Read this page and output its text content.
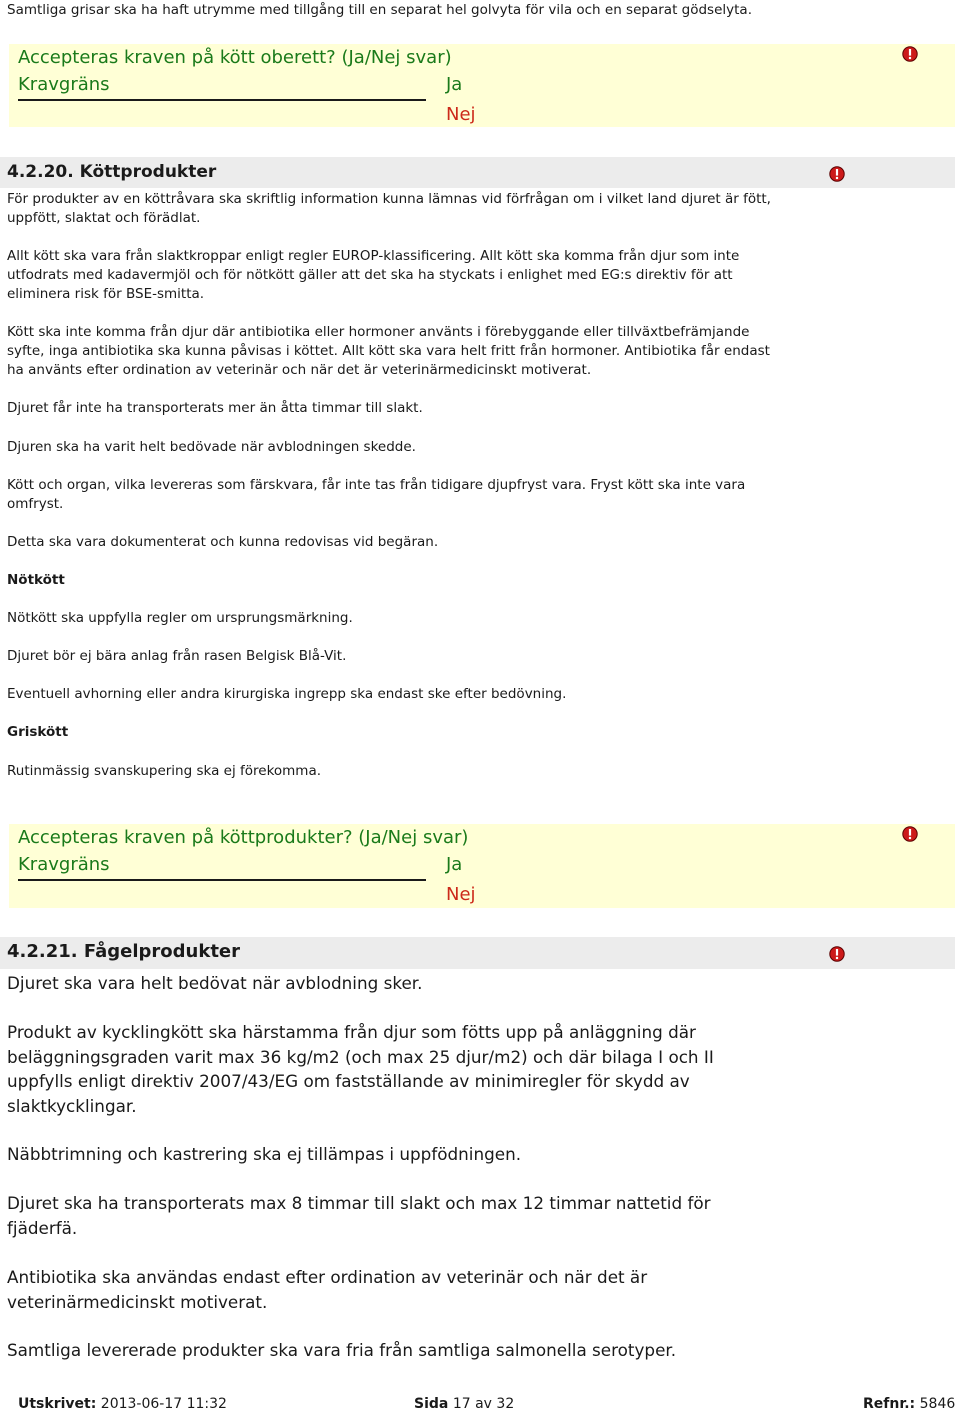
Samtliga grisar ska ha haft utrymme med tillgång till en separat hel golvyta för vila och en separat gödselyta.

Accepteras kraven på kött oberett? (Ja/Nej svar)
Kravgräns	Ja
Nej
4.2.20. Köttprodukter

För produkter av en köttråvara ska skriftlig information kunna lämnas vid förfrågan om i vilket land djuret är fött, uppfött, slaktat och förädlat.

Allt kött ska vara från slaktkroppar enligt regler EUROP-klassificering. Allt kött ska komma från djur som inte utfodrats med kadavermjöl och för nötkött gäller att det ska ha styckats i enlighet med EG:s direktiv för att eliminera risk för BSE-smitta.

Kött ska inte komma från djur där antibiotika eller hormoner använts i förebyggande eller tillväxtbefrämjande syfte, inga antibiotika ska kunna påvisas i köttet. Allt kött ska vara helt fritt från hormoner. Antibiotika får endast ha använts efter ordination av veterinär och när det är veterinärmedicinskt motiverat.

Djuret får inte ha transporterats mer än åtta timmar till slakt.

Djuren ska ha varit helt bedövade när avblodningen skedde.

Kött och organ, vilka levereras som färskvara, får inte tas från tidigare djupfryst vara. Fryst kött ska inte vara omfryst.

Detta ska vara dokumenterat och kunna redovisas vid begäran.

Nötkött

Nötkött ska uppfylla regler om ursprungsmärkning.

Djuret bör ej bära anlag från rasen Belgisk Blå-Vit.

Eventuell avhorning eller andra kirurgiska ingrepp ska endast ske efter bedövning.

Griskött

Rutinmässig svanskupering ska ej förekomma.

Accepteras kraven på köttprodukter? (Ja/Nej svar)
Kravgräns	Ja
Nej
4.2.21. Fågelprodukter

Djuret ska vara helt bedövat när avblodning sker.

Produkt av kycklingkött ska härstamma från djur som fötts upp på anläggning där beläggningsgraden varit max 36 kg/m2 (och max 25 djur/m2) och där bilaga I och II uppfylls enligt direktiv 2007/43/EG om fastställande av minimiregler för skydd av slaktkycklingar.

Näbbtrimning och kastrering ska ej tillämpas i uppfödningen.

Djuret ska ha transporterats max 8 timmar till slakt och max 12 timmar nattetid för fjäderfä.

Antibiotika ska användas endast efter ordination av veterinär och när det är veterinärmedicinskt motiverat.

Samtliga levererade produkter ska vara fria från samtliga salmonella serotyper.

Utskrivet: 2013-06-17 11:32	Sida 17 av 32	Refnr.: 5846
